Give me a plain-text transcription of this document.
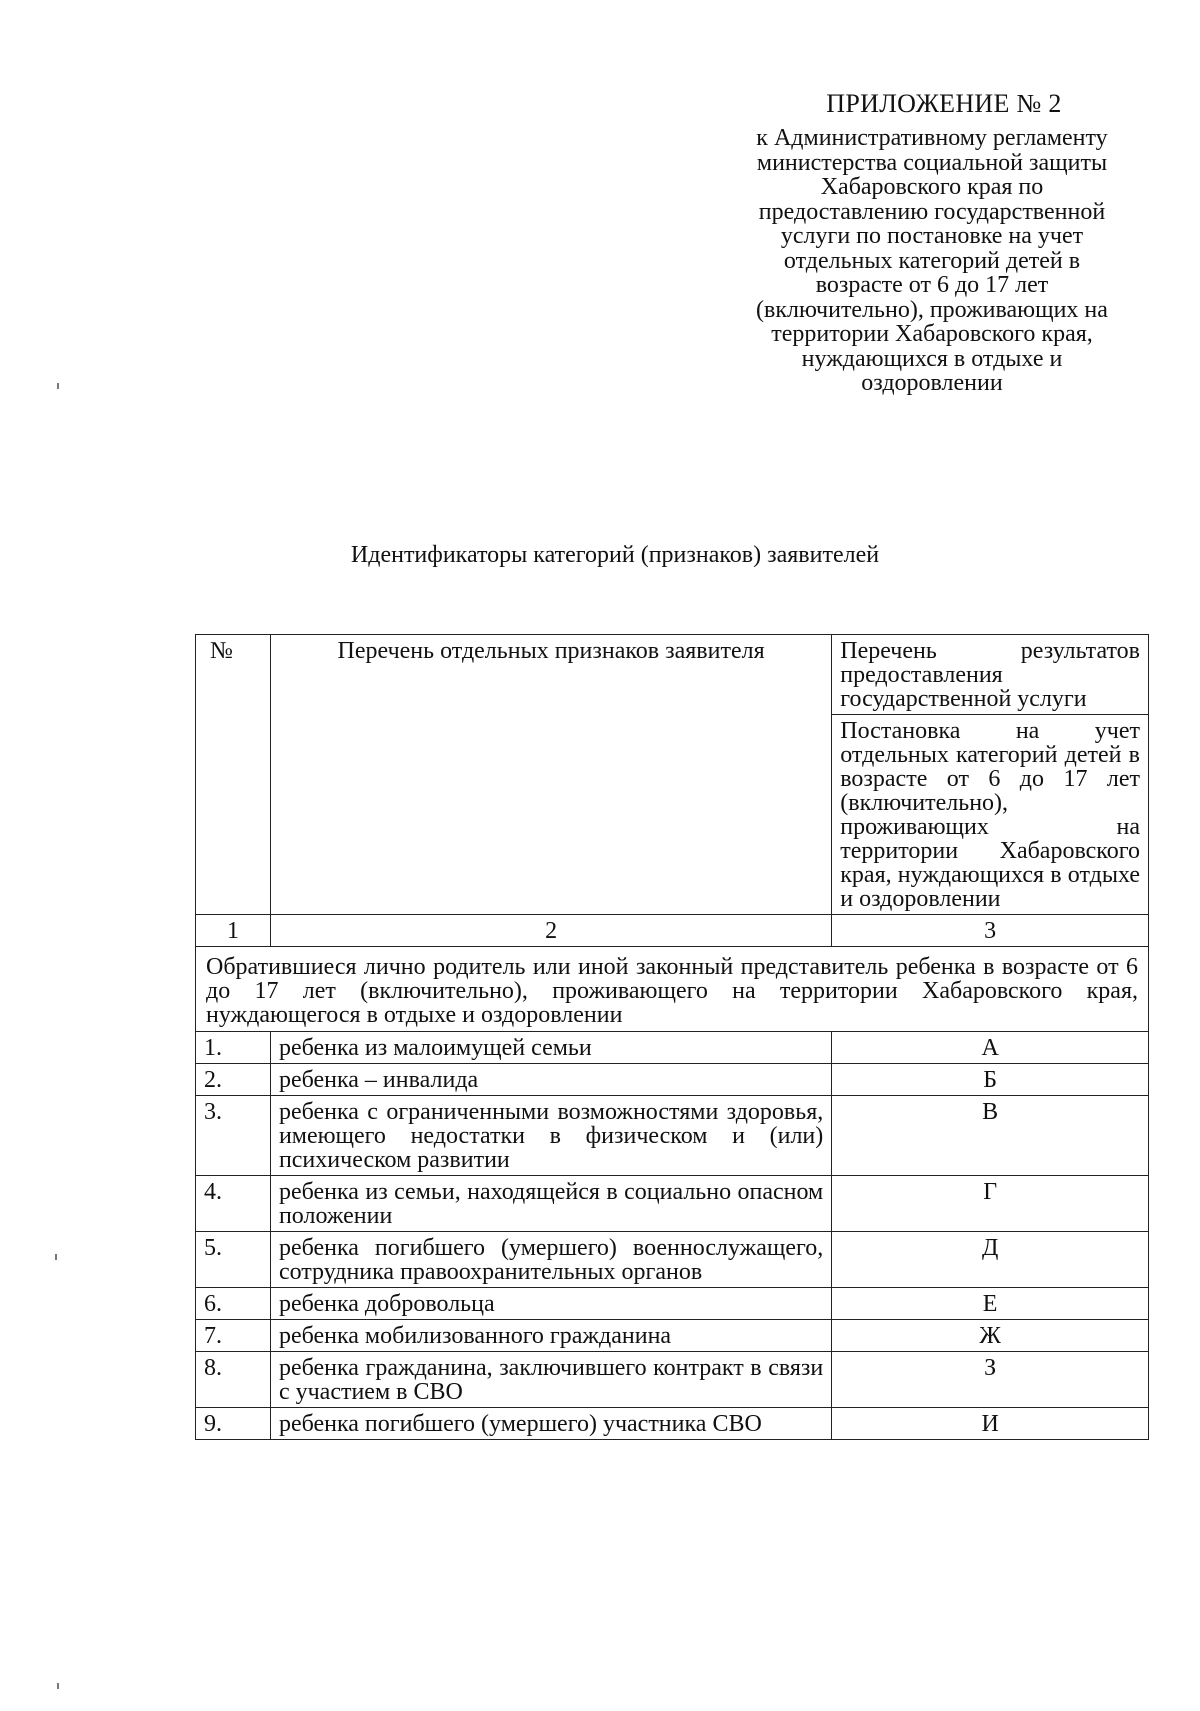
ПРИЛОЖЕНИЕ № 2
к Административному регламенту
министерства социальной защиты
Хабаровского края по
предоставлению государственной
услуги по постановке на учет
отдельных категорий детей в
возрасте от 6 до 17 лет
(включительно), проживающих на
территории Хабаровского края,
нуждающихся в отдыхе и
оздоровлении
Идентификаторы категорий (признаков) заявителей
№	Перечень отдельных признаков заявителя	Перечень результатов предоставления государственной услуги
		Постановка на учет отдельных категорий детей в возрасте от 6 до 17 лет (включительно), проживающих на территории Хабаровского края, нуждающихся в отдыхе и оздоровлении
1	2	3
Обратившиеся лично родитель или иной законный представитель ребенка в возрасте от 6 до 17 лет (включительно), проживающего на территории Хабаровского края, нуждающегося в отдыхе и оздоровлении		
1.	ребенка из малоимущей семьи	А
2.	ребенка – инвалида	Б
3.	ребенка с ограниченными возможностями здоровья, имеющего недостатки в физическом и (или) психическом развитии	В
4.	ребенка из семьи, находящейся в социально опасном положении	Г
5.	ребенка погибшего (умершего) военнослужащего, сотрудника правоохранительных органов	Д
6.	ребенка добровольца	Е
7.	ребенка мобилизованного гражданина	Ж
8.	ребенка гражданина, заключившего контракт в связи с участием в СВО	З
9.	ребенка погибшего (умершего) участника СВО	И
